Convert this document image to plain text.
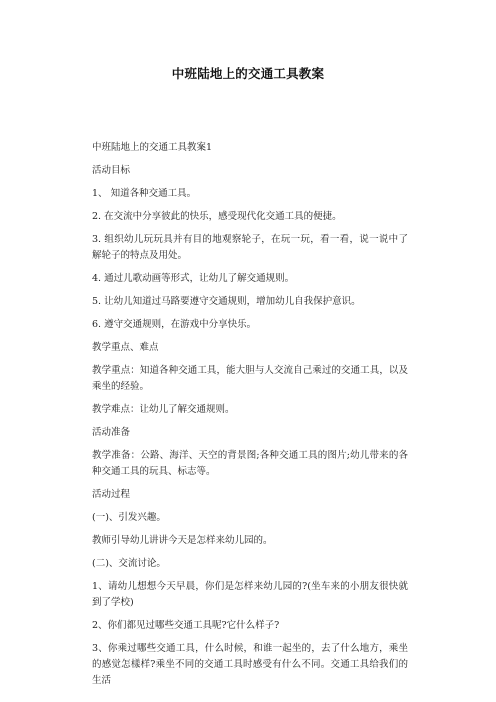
中班陆地上的交通工具教案
中班陆地上的交通工具教案1
活动目标
1、 知道各种交通工具。
2. 在交流中分享彼此的快乐，感受现代化交通工具的便捷。
3. 组织幼儿玩玩具并有目的地观察轮子，在玩一玩，看一看，说一说中了解轮子的特点及用处。
4. 通过儿歌动画等形式，让幼儿了解交通规则。
5. 让幼儿知道过马路要遵守交通规则，增加幼儿自我保护意识。
6. 遵守交通规则，在游戏中分享快乐。
教学重点、难点
教学重点：知道各种交通工具，能大胆与人交流自己乘过的交通工具，以及乘坐的经验。
教学难点：让幼儿了解交通规则。
活动准备
教学准备：公路、海洋、天空的背景图;各种交通工具的图片;幼儿带来的各种交通工具的玩具、标志等。
活动过程
(一)、引发兴趣。
教师引导幼儿讲讲今天是怎样来幼儿园的。
(二)、交流讨论。
1、请幼儿想想今天早晨，你们是怎样来幼儿园的?(坐车来的小朋友很快就到了学校)
2、你们都见过哪些交通工具呢?它什么样子?
3、你乘过哪些交通工具，什么时候，和谁一起坐的，去了什么地方，乘坐的感觉怎樣样?乘坐不同的交通工具时感受有什么不同。交通工具给我们的生活
